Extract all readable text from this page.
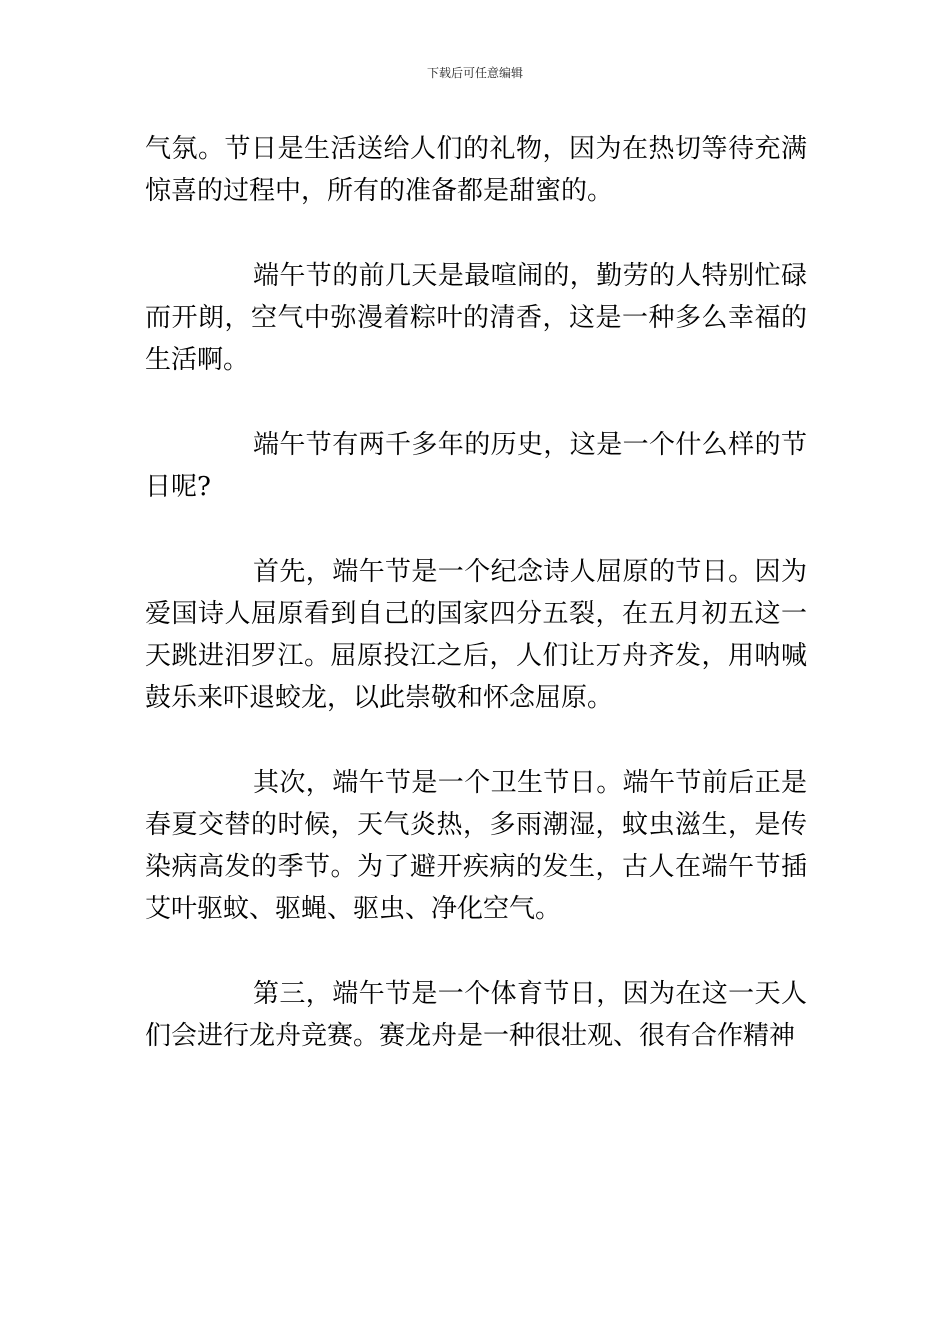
下载后可任意编辑

气氛。节日是生活送给人们的礼物，因为在热切等待充满惊喜的过程中，所有的准备都是甜蜜的。

端午节的前几天是最喧闹的，勤劳的人特别忙碌而开朗，空气中弥漫着粽叶的清香，这是一种多么幸福的生活啊。

端午节有两千多年的历史，这是一个什么样的节日呢?

首先，端午节是一个纪念诗人屈原的节日。因为爱国诗人屈原看到自己的国家四分五裂，在五月初五这一天跳进汨罗江。屈原投江之后，人们让万舟齐发，用呐喊鼓乐来吓退蛟龙，以此崇敬和怀念屈原。

其次，端午节是一个卫生节日。端午节前后正是春夏交替的时候，天气炎热，多雨潮湿，蚊虫滋生，是传染病高发的季节。为了避开疾病的发生，古人在端午节插艾叶驱蚊、驱蝇、驱虫、净化空气。

第三，端午节是一个体育节日，因为在这一天人们会进行龙舟竞赛。赛龙舟是一种很壮观、很有合作精神
